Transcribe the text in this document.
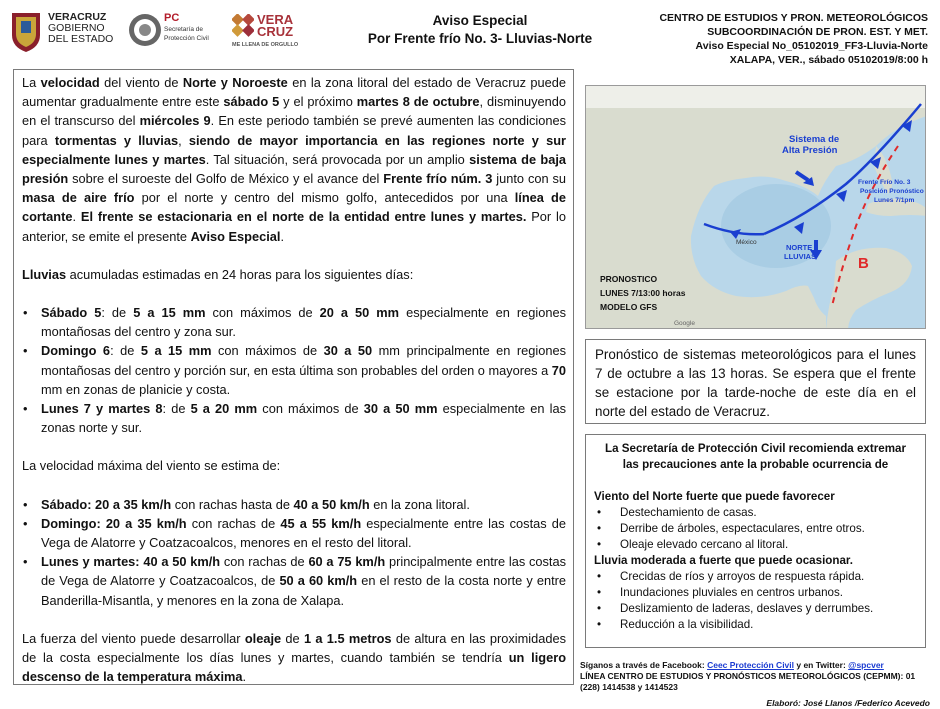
VERACRUZ
GOBIERNO
DEL ESTADO
PC
Secretaría de
Protección Civil
VERA
CRUZ
ME LLENA DE ORGULLO
Aviso Especial
Por Frente frío No. 3- Lluvias-Norte
CENTRO DE ESTUDIOS Y PRON. METEOROLÓGICOS
SUBCOORDINACIÓN DE PRON. EST. Y MET.
Aviso Especial No_05102019_FF3-Lluvia-Norte
XALAPA, VER., sábado 05102019/8:00 h

La velocidad del viento de Norte y Noroeste en la zona litoral del estado de Veracruz puede aumentar gradualmente entre este sábado 5 y el próximo martes 8 de octubre, disminuyendo en el transcurso del miércoles 9. En este periodo también se prevé aumenten las condiciones para tormentas y lluvias, siendo de mayor importancia en las regiones norte y sur especialmente lunes y martes. Tal situación, será provocada por un amplio sistema de baja presión sobre el suroeste del Golfo de México y el avance del Frente frío núm. 3 junto con su masa de aire frío por el norte y centro del mismo golfo, antecedidos por una línea de cortante. El frente se estacionaria en el norte de la entidad entre lunes y martes. Por lo anterior, se emite el presente Aviso Especial.

Lluvias acumuladas estimadas en 24 horas para los siguientes días:

• Sábado 5: de 5 a 15 mm con máximos de 20 a 50 mm especialmente en regiones montañosas del centro y zona sur.
• Domingo 6: de 5 a 15 mm con máximos de 30 a 50 mm principalmente en regiones montañosas del centro y porción sur, en esta última son probables del orden o mayores a 70 mm en zonas de planicie y costa.
• Lunes 7 y martes 8: de 5 a 20 mm con máximos de 30 a 50 mm especialmente en las zonas norte y sur.

La velocidad máxima del viento se estima de:

• Sábado: 20 a 35 km/h con rachas hasta de 40 a 50 km/h en la zona litoral.
• Domingo: 20 a 35 km/h con rachas de 45 a 55 km/h especialmente entre las costas de Vega de Alatorre y Coatzacoalcos, menores en el resto del litoral.
• Lunes y martes: 40 a 50 km/h con rachas de 60 a 75 km/h principalmente entre las costas de Vega de Alatorre y Coatzacoalcos, de 50 a 60 km/h en el resto de la costa norte y entre Banderilla-Misantla, y menores en la zona de Xalapa.

La fuerza del viento puede desarrollar oleaje de 1 a 1.5 metros de altura en las proximidades de la costa especialmente los días lunes y martes, cuando también se tendría un ligero descenso de la temperatura máxima.

Sistema de
Alta Presión
Frente Frío No. 3
Posición Pronóstico
Lunes 7/1pm
NORTE
LLUVIAS	B
México
PRONOSTICO
LUNES 7/13:00 horas
MODELO GFS
Google
Pronóstico de sistemas meteorológicos para el lunes 7 de octubre a las 13 horas. Se espera que el frente se estacione por la tarde-noche de este día en el norte del estado de Veracruz.
La Secretaría de Protección Civil recomienda extremar
las precauciones ante la probable ocurrencia de
Viento del Norte fuerte que puede favorecer
• Destechamiento de casas.
• Derribe de árboles, espectaculares, entre otros.
• Oleaje elevado cercano al litoral.
Lluvia moderada a fuerte que puede ocasionar.
• Crecidas de ríos y arroyos de respuesta rápida.
• Inundaciones pluviales en centros urbanos.
• Deslizamiento de laderas, deslaves y derrumbes.
• Reducción a la visibilidad.
Síganos a través de Facebook: Ceec Protección Civil y en Twitter: @spcver
LÍNEA CENTRO DE ESTUDIOS Y PRONÓSTICOS METEOROLÓGICOS (CEPMM): 01
(228) 1414538 y 1414523
Elaboró: José Llanos /Federico Acevedo
